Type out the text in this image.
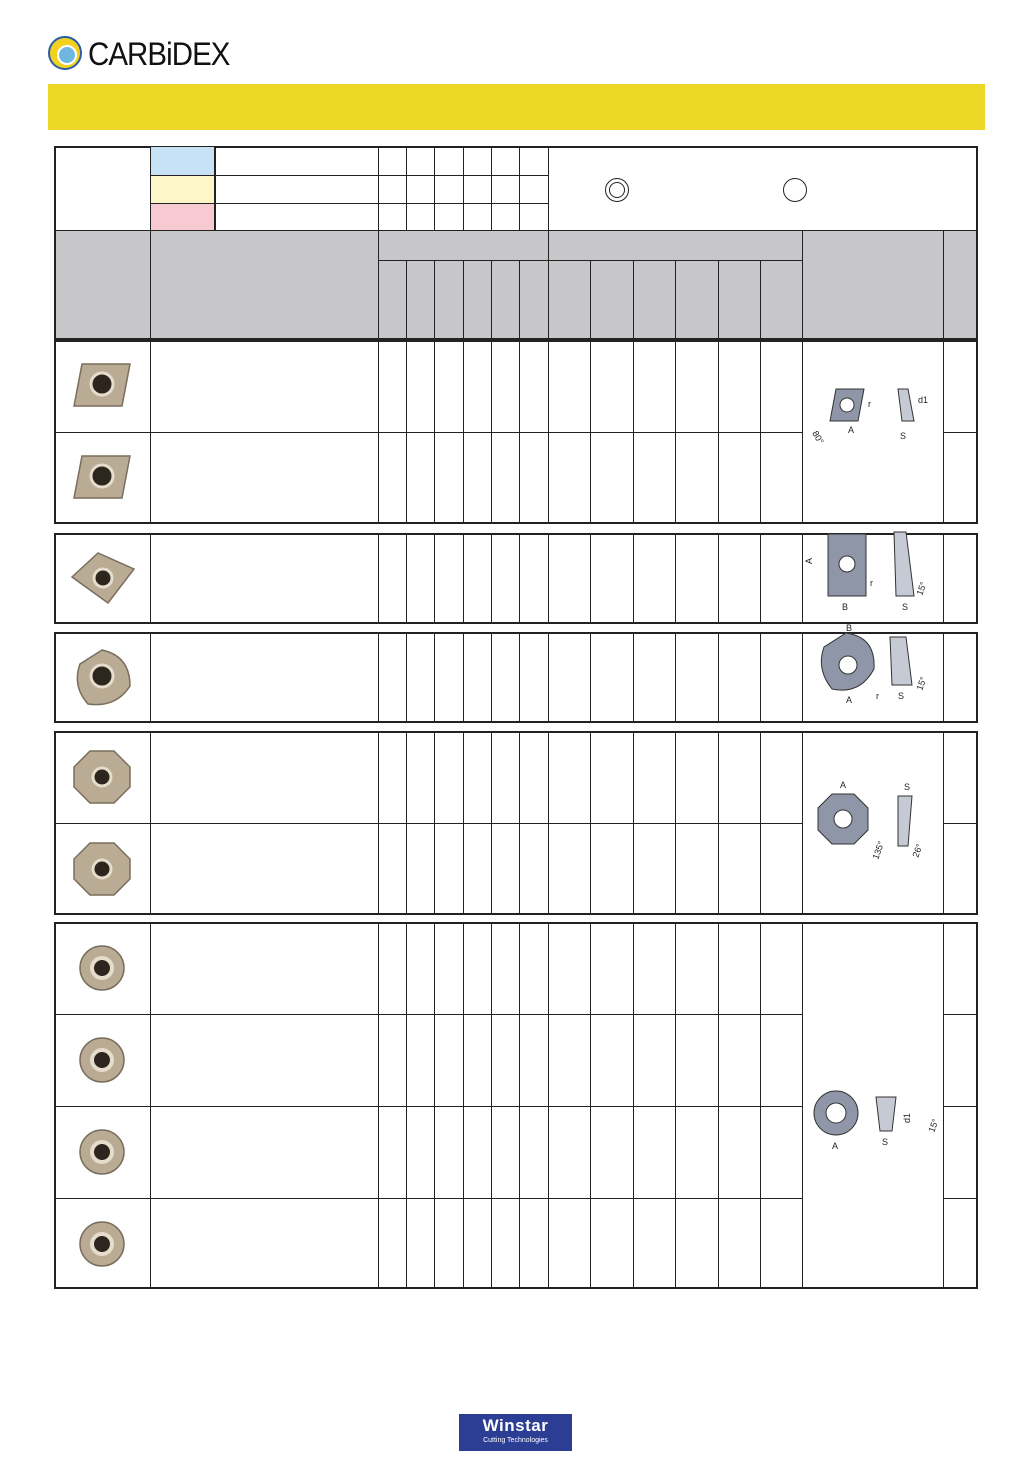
CARBiDEX
r
A
S
d1
80°
A
B
r
S
15°
B
A	r S
15°
A	S
135°	26°
A	S
d1 15°
Winstar
Cutting Technologies
